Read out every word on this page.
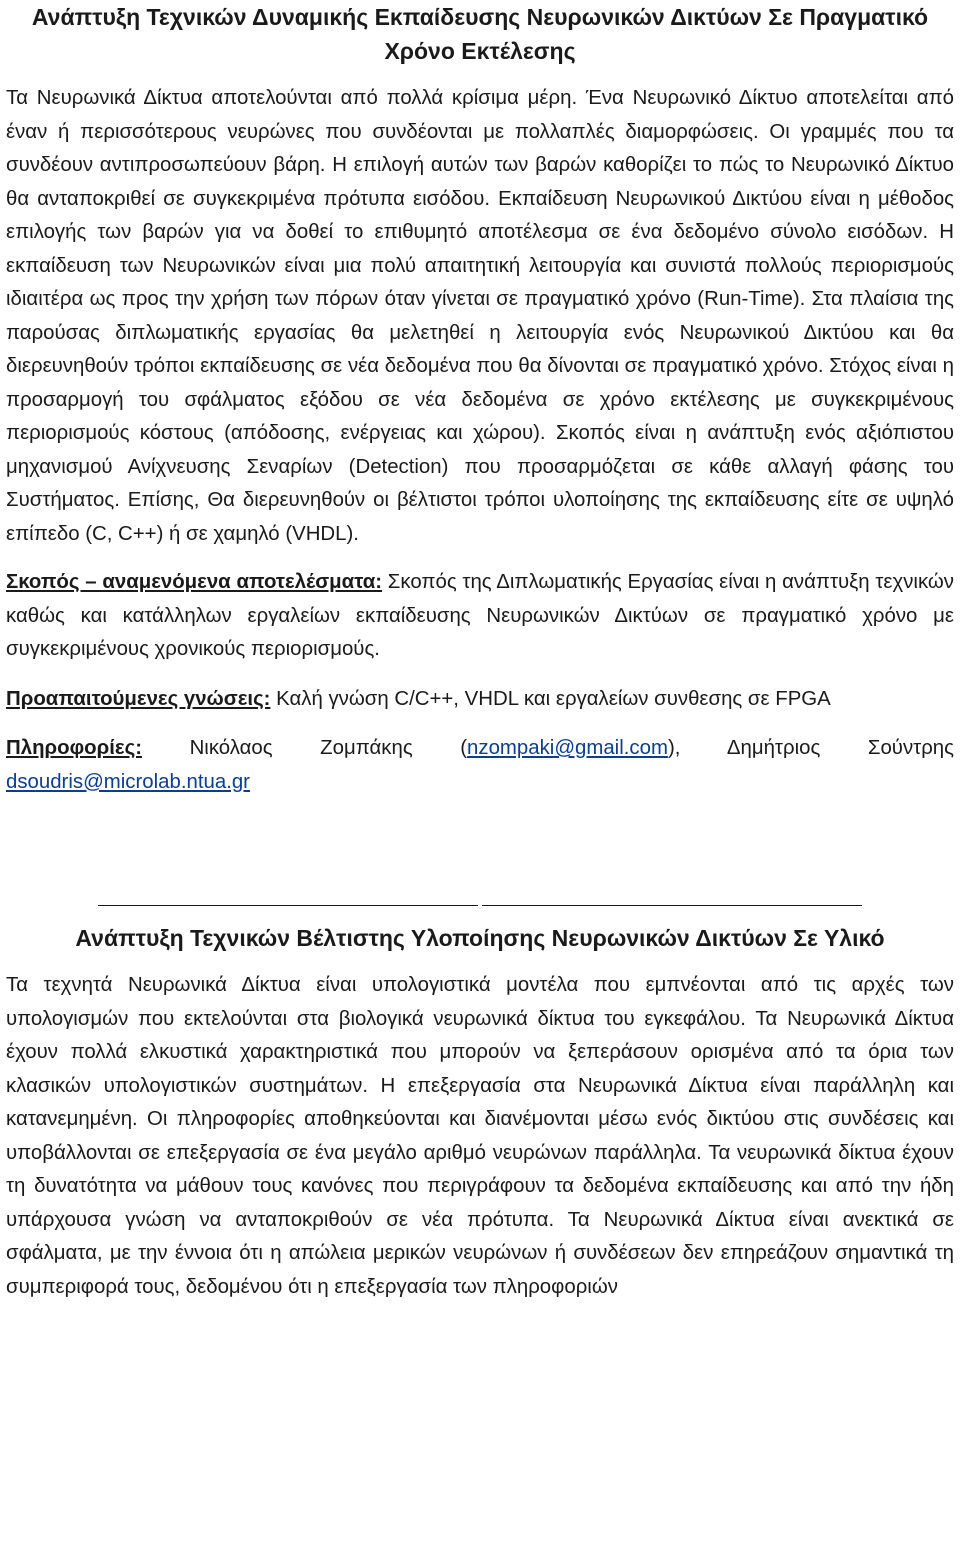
Ανάπτυξη Τεχνικών Δυναμικής Εκπαίδευσης Νευρωνικών Δικτύων Σε Πραγματικό Χρόνο Εκτέλεσης

Τα Νευρωνικά Δίκτυα αποτελούνται από πολλά κρίσιμα μέρη. Ένα Νευρωνικό Δίκτυο αποτελείται από έναν ή περισσότερους νευρώνες που συνδέονται με πολλαπλές διαμορφώσεις. Οι γραμμές που τα συνδέουν αντιπροσωπεύουν βάρη. Η επιλογή αυτών των βαρών καθορίζει το πώς το Νευρωνικό Δίκτυο θα ανταποκριθεί σε συγκεκριμένα πρότυπα εισόδου. Εκπαίδευση Νευρωνικού Δικτύου είναι η μέθοδος επιλογής των βαρών για να δοθεί το επιθυμητό αποτέλεσμα σε ένα δεδομένο σύνολο εισόδων. Η εκπαίδευση των Νευρωνικών είναι μια πολύ απαιτητική λειτουργία και συνιστά πολλούς περιορισμούς ιδιαιτέρα ως προς την χρήση των πόρων όταν γίνεται σε πραγματικό χρόνο (Run-Time). Στα πλαίσια της παρούσας διπλωματικής εργασίας θα μελετηθεί η λειτουργία ενός Νευρωνικού Δικτύου και θα διερευνηθούν τρόποι εκπαίδευσης σε νέα δεδομένα που θα δίνονται σε πραγματικό χρόνο. Στόχος είναι η προσαρμογή του σφάλματος εξόδου σε νέα δεδομένα σε χρόνο εκτέλεσης με συγκεκριμένους περιορισμούς κόστους (απόδοσης, ενέργειας και χώρου). Σκοπός είναι η ανάπτυξη ενός αξιόπιστου μηχανισμού Ανίχνευσης Σεναρίων (Detection) που προσαρμόζεται σε κάθε αλλαγή φάσης του Συστήματος. Επίσης, Θα διερευνηθούν οι βέλτιστοι τρόποι υλοποίησης της εκπαίδευσης είτε σε υψηλό επίπεδο (C, C++) ή σε χαμηλό (VHDL).

Σκοπός – αναμενόμενα αποτελέσματα: Σκοπός της Διπλωματικής Εργασίας είναι η ανάπτυξη τεχνικών καθώς και κατάλληλων εργαλείων εκπαίδευσης Νευρωνικών Δικτύων σε πραγματικό χρόνο με συγκεκριμένους χρονικούς περιορισμούς.

Προαπαιτούμενες γνώσεις: Καλή γνώση C/C++, VHDL και εργαλείων συνθεσης σε FPGA

Πληροφορίες: Νικόλαος Ζομπάκης (nzompaki@gmail.com), Δημήτριος Σούντρης dsoudris@microlab.ntua.gr

Ανάπτυξη Τεχνικών Βέλτιστης Υλοποίησης Νευρωνικών Δικτύων Σε Υλικό

Τα τεχνητά Νευρωνικά Δίκτυα είναι υπολογιστικά μοντέλα που εμπνέονται από τις αρχές των υπολογισμών που εκτελούνται στα βιολογικά νευρωνικά δίκτυα του εγκεφάλου. Τα Νευρωνικά Δίκτυα έχουν πολλά ελκυστικά χαρακτηριστικά που μπορούν να ξεπεράσουν ορισμένα από τα όρια των κλασικών υπολογιστικών συστημάτων. Η επεξεργασία στα Νευρωνικά Δίκτυα είναι παράλληλη και κατανεμημένη. Οι πληροφορίες αποθηκεύονται και διανέμονται μέσω ενός δικτύου στις συνδέσεις και υποβάλλονται σε επεξεργασία σε ένα μεγάλο αριθμό νευρώνων παράλληλα. Τα νευρωνικά δίκτυα έχουν τη δυνατότητα να μάθουν τους κανόνες που περιγράφουν τα δεδομένα εκπαίδευσης και από την ήδη υπάρχουσα γνώση να ανταποκριθούν σε νέα πρότυπα. Τα Νευρωνικά Δίκτυα είναι ανεκτικά σε σφάλματα, με την έννοια ότι η απώλεια μερικών νευρώνων ή συνδέσεων δεν επηρεάζουν σημαντικά τη συμπεριφορά τους, δεδομένου ότι η επεξεργασία των πληροφοριών
